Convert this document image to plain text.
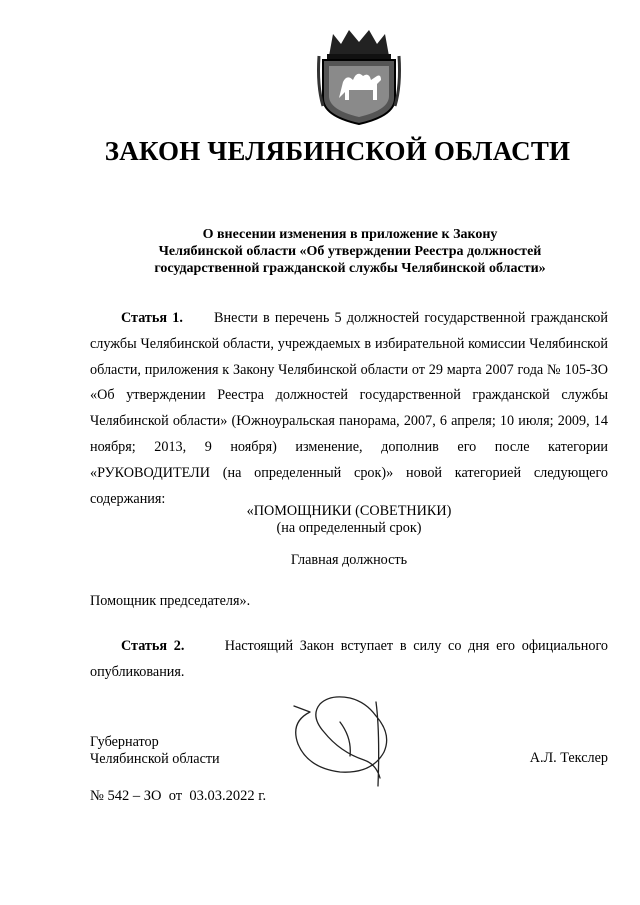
ЗАКОН ЧЕЛЯБИНСКОЙ ОБЛАСТИ

О внесении изменения в приложение к Закону

Челябинской области «Об утверждении Реестра должностей

государственной гражданской службы Челябинской области»

Статья 1. Внести в перечень 5 должностей государственной гражданской службы Челябинской области, учреждаемых в избирательной комиссии Челябинской области, приложения к Закону Челябинской области от 29 марта 2007 года № 105-ЗО «Об утверждении Реестра должностей государственной гражданской службы Челябинской области» (Южноуральская панорама, 2007, 6 апреля; 10 июля; 2009, 14 ноября; 2013, 9 ноября) изменение, дополнив его после категории «РУКОВОДИТЕЛИ (на определенный срок)» новой категорией следующего содержания:

«ПОМОЩНИКИ (СОВЕТНИКИ)

(на определенный срок)

Главная должность

Помощник председателя».

Статья 2.	Настоящий Закон вступает в силу со дня его официального опубликования.

Губернатор

Челябинской области	А.Л. Текслер

№ 542 – ЗО  от  03.03.2022 г.
